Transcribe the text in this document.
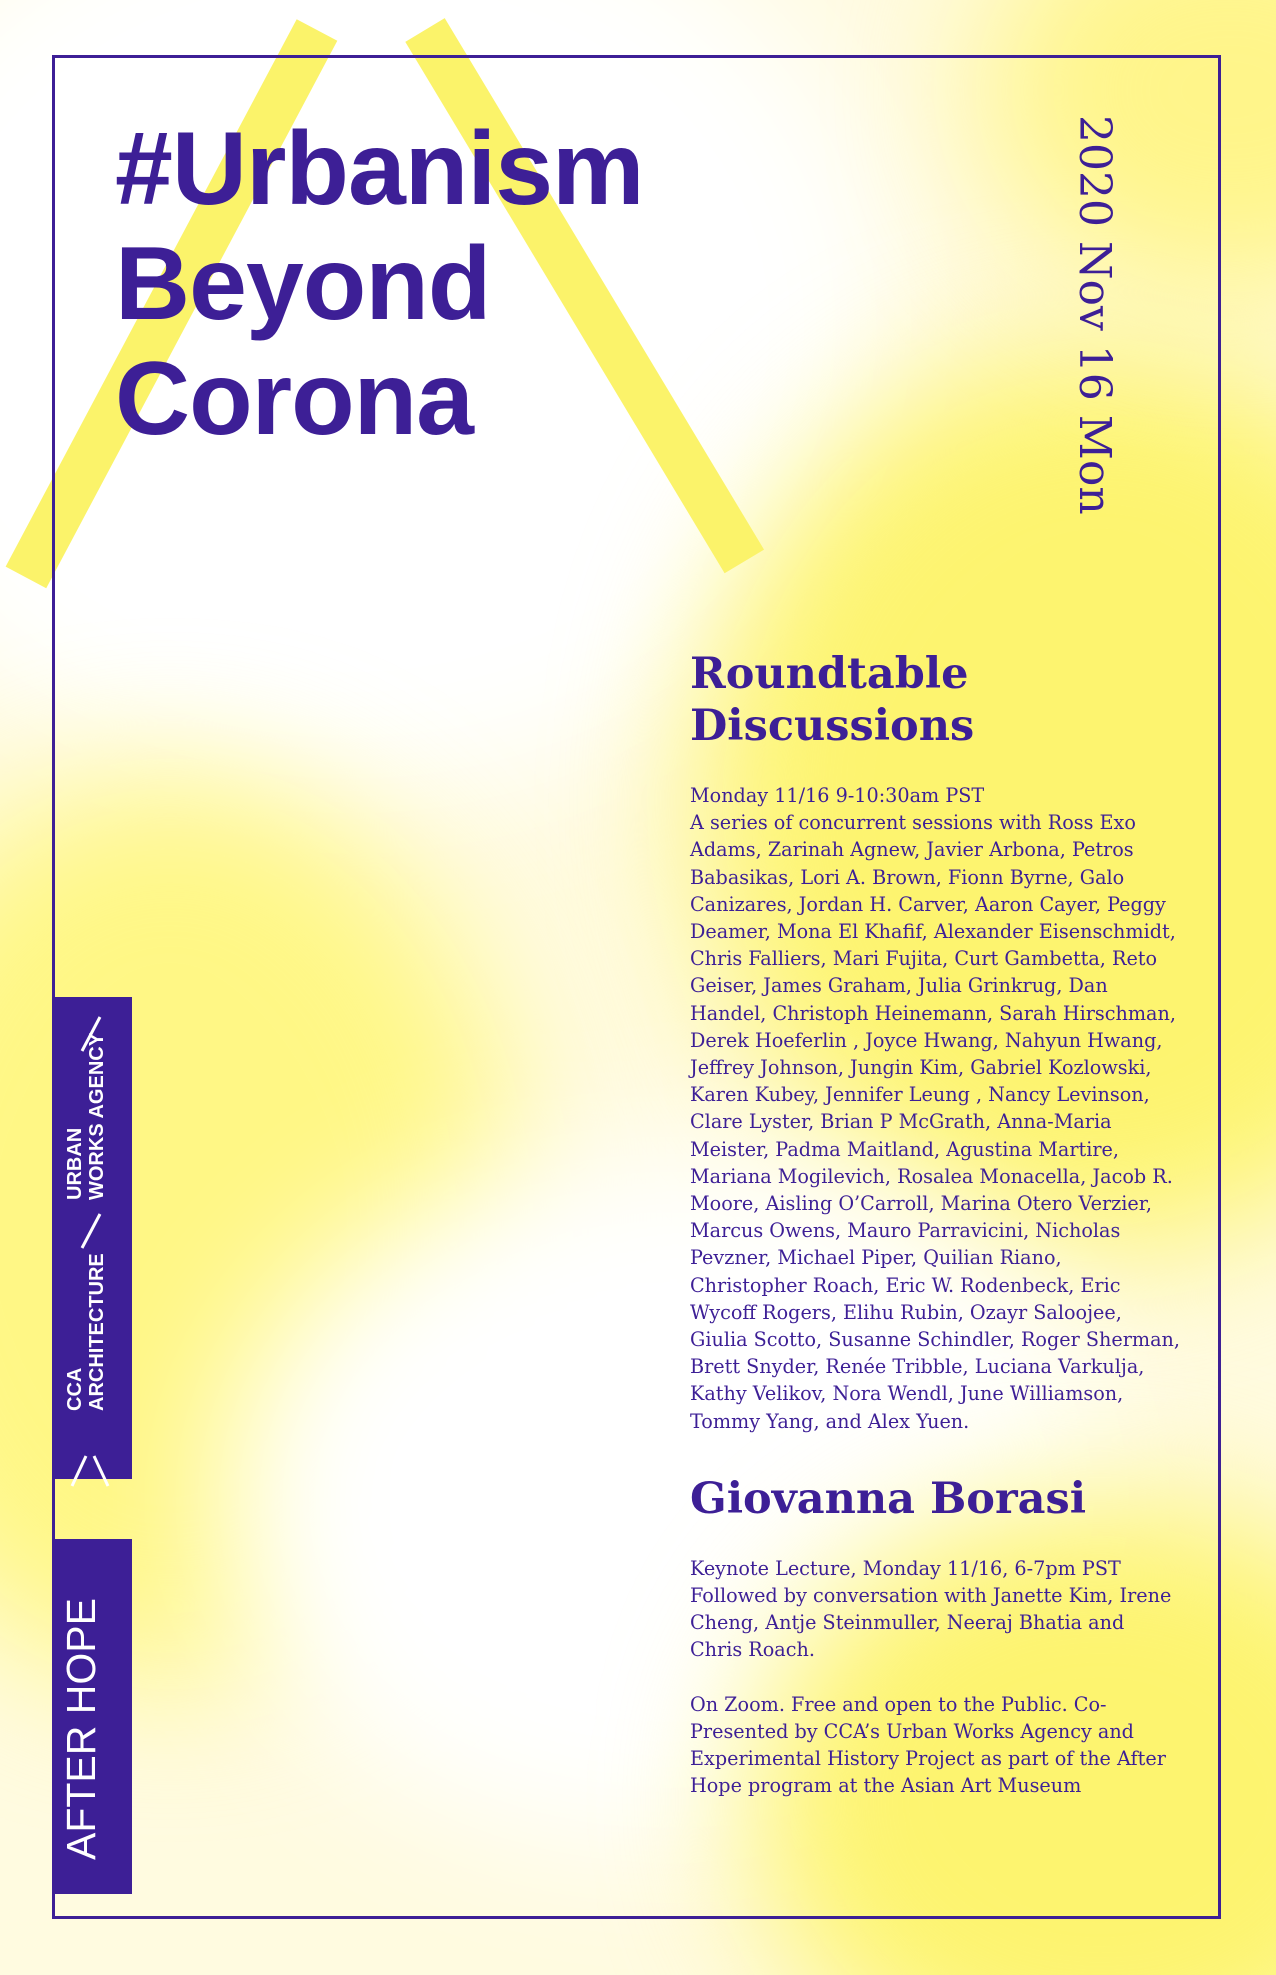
#Urbanism
Beyond
Corona	2020 Nov 16 Mon
Roundtable Discussions

Monday 11/16 9-10:30am PST

A series of concurrent sessions with Ross Exo Adams, Zarinah Agnew, Javier Arbona, Petros Babasikas, Lori A. Brown, Fionn Byrne, Galo Canizares, Jordan H. Carver, Aaron Cayer, Peggy Deamer, Mona El Khafif, Alexander Eisenschmidt, Chris Falliers, Mari Fujita, Curt Gambetta, Reto Geiser, James Graham, Julia Grinkrug, Dan Handel, Christoph Heinemann, Sarah Hirschman, Derek Hoeferlin , Joyce Hwang, Nahyun Hwang, Jeffrey Johnson, Jungin Kim, Gabriel Kozlowski, Karen Kubey, Jennifer Leung , Nancy Levinson, Clare Lyster, Brian P McGrath, Anna-Maria Meister, Padma Maitland, Agustina Martire, Mariana Mogilevich, Rosalea Monacella, Jacob R. Moore, Aisling O’Carroll, Marina Otero Verzier, Marcus Owens, Mauro Parravicini, Nicholas Pevzner, Michael Piper, Quilian Riano, Christopher Roach, Eric W. Rodenbeck, Eric Wycoff Rogers, Elihu Rubin, Ozayr Saloojee, Giulia Scotto, Susanne Schindler, Roger Sherman, Brett Snyder, Renée Tribble, Luciana Varkulja, Kathy Velikov, Nora Wendl, June Williamson, Tommy Yang, and Alex Yuen.

Giovanna Borasi

Keynote Lecture, Monday 11/16, 6-7pm PST

Followed by conversation with Janette Kim, Irene Cheng, Antje Steinmuller, Neeraj Bhatia and Chris Roach.

On Zoom. Free and open to the Public. Co-Presented by CCA’s Urban Works Agency and Experimental History Project as part of the After Hope program at the Asian Art Museum

CCA ARCHITECTURE
URBAN WORKS AGENCY
AFTER HOPE
